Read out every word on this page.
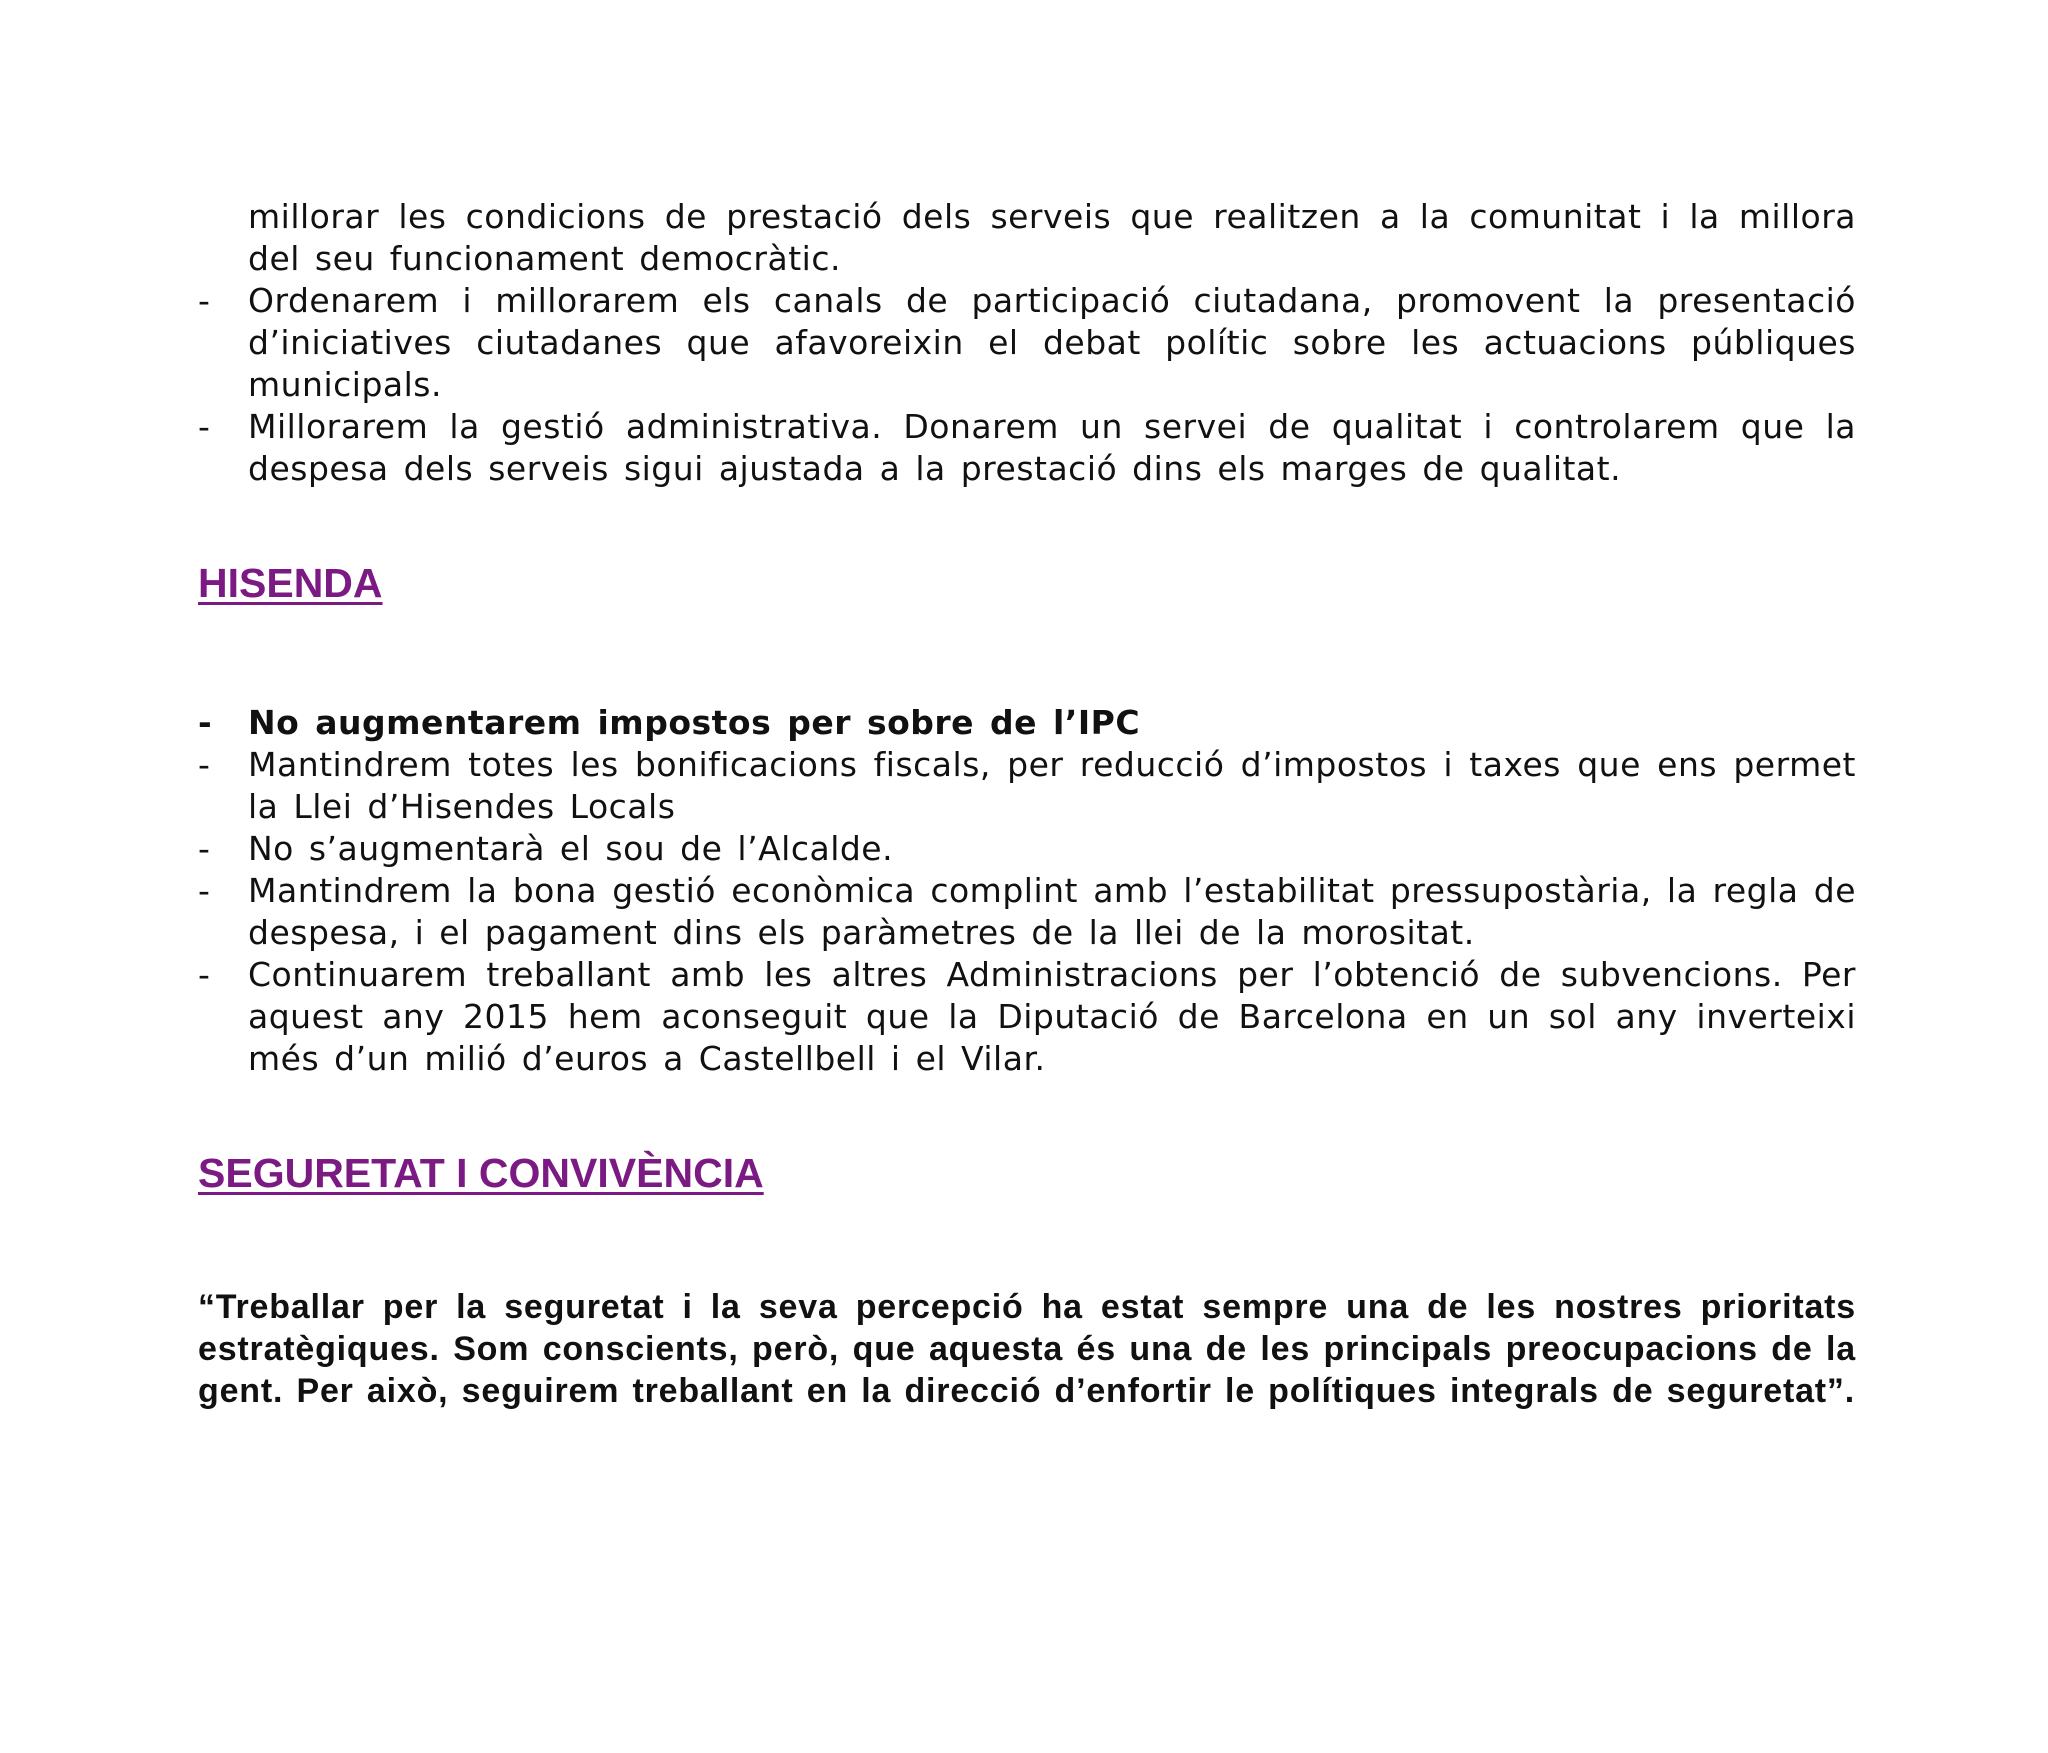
millorar les condicions de prestació dels serveis que realitzen a la comunitat i la millora del seu funcionament democràtic.
- Ordenarem i millorarem els canals de participació ciutadana, promovent la presentació d’iniciatives ciutadanes que afavoreixin el debat polític sobre les actuacions públiques municipals.
- Millorarem la gestió administrativa. Donarem un servei de qualitat i controlarem que la despesa dels serveis sigui ajustada a la prestació dins els marges de qualitat.
HISENDA
- No augmentarem impostos per sobre de l’IPC
- Mantindrem totes les bonificacions fiscals, per reducció d’impostos i taxes que ens permet la Llei d’Hisendes Locals
- No s’augmentarà el sou de l’Alcalde.
- Mantindrem la bona gestió econòmica complint amb l’estabilitat pressupostària, la regla de despesa, i el pagament dins els paràmetres de la llei de la morositat.
- Continuarem treballant amb les altres Administracions per l’obtenció de subvencions. Per aquest any 2015 hem aconseguit que la Diputació de Barcelona en un sol any inverteixi més d’un milió d’euros a Castellbell i el Vilar.
SEGURETAT I CONVIVÈNCIA

“Treballar per la seguretat i la seva percepció ha estat sempre una de les nostres prioritats estratègiques. Som conscients, però, que aquesta és una de les principals preocupacions de la gent. Per això, seguirem treballant en la direcció d’enfortir le polítiques integrals de seguretat”.
